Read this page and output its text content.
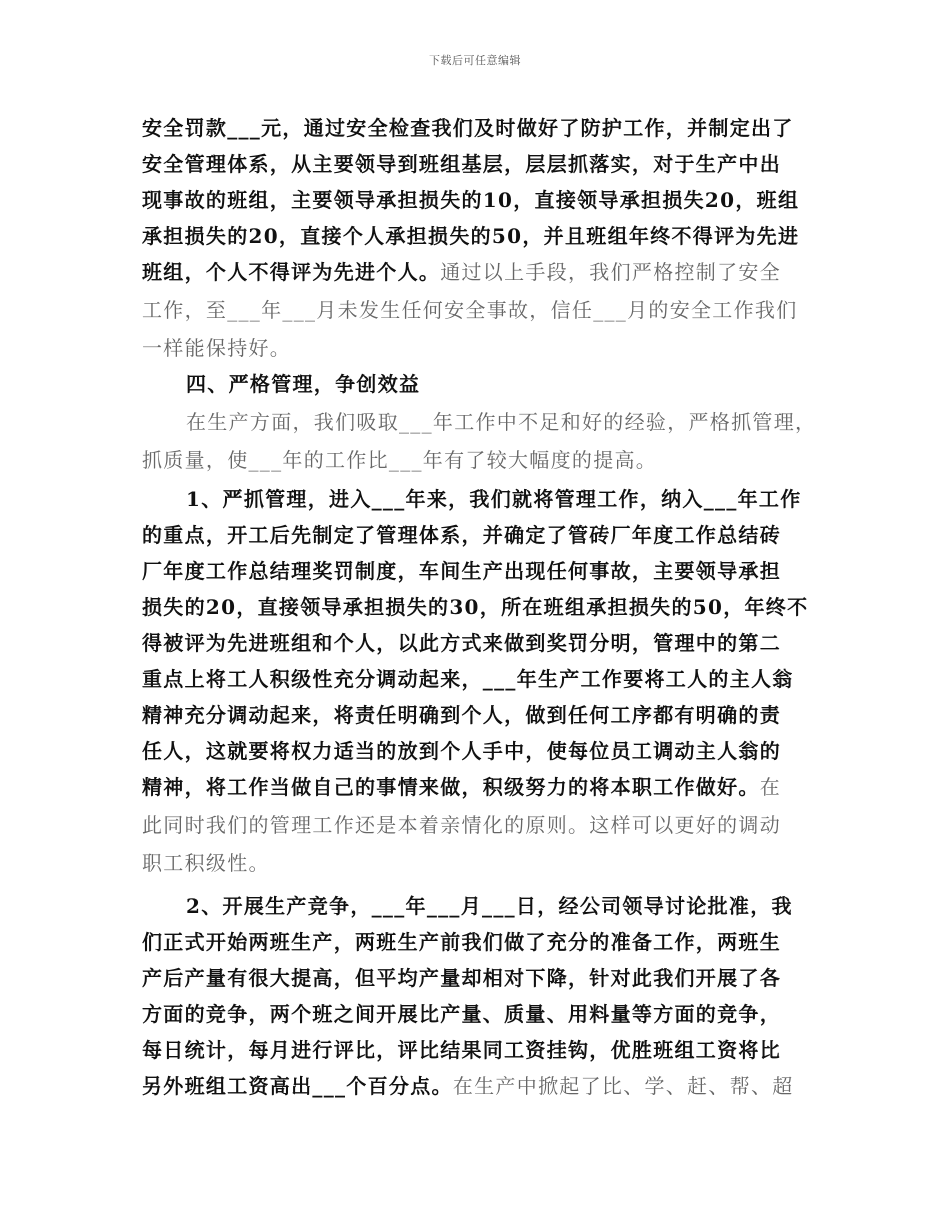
下载后可任意编辑
安全罚款___元，通过安全检查我们及时做好了防护工作，并制定出了
安全管理体系，从主要领导到班组基层，层层抓落实，对于生产中出
现事故的班组，主要领导承担损失的10，直接领导承担损失20，班组
承担损失的20，直接个人承担损失的50，并且班组年终不得评为先进
班组，个人不得评为先进个人。通过以上手段，我们严格控制了安全
工作，至___年___月未发生任何安全事故，信任___月的安全工作我们
一样能保持好。
四、严格管理，争创效益
在生产方面，我们吸取___年工作中不足和好的经验，严格抓管理，
抓质量，使___年的工作比___年有了较大幅度的提高。
1、严抓管理，进入___年来，我们就将管理工作，纳入___年工作
的重点，开工后先制定了管理体系，并确定了管砖厂年度工作总结砖
厂年度工作总结理奖罚制度，车间生产出现任何事故，主要领导承担
损失的20，直接领导承担损失的30，所在班组承担损失的50，年终不
得被评为先进班组和个人，以此方式来做到奖罚分明，管理中的第二
重点上将工人积级性充分调动起来，___年生产工作要将工人的主人翁
精神充分调动起来，将责任明确到个人，做到任何工序都有明确的责
任人，这就要将权力适当的放到个人手中，使每位员工调动主人翁的
精神，将工作当做自己的事情来做，积级努力的将本职工作做好。在
此同时我们的管理工作还是本着亲情化的原则。这样可以更好的调动
职工积级性。
2、开展生产竞争，___年___月___日，经公司领导讨论批准，我
们正式开始两班生产，两班生产前我们做了充分的准备工作，两班生
产后产量有很大提高，但平均产量却相对下降，针对此我们开展了各
方面的竞争，两个班之间开展比产量、质量、用料量等方面的竞争，
每日统计，每月进行评比，评比结果同工资挂钩，优胜班组工资将比
另外班组工资高出___个百分点。在生产中掀起了比、学、赶、帮、超
